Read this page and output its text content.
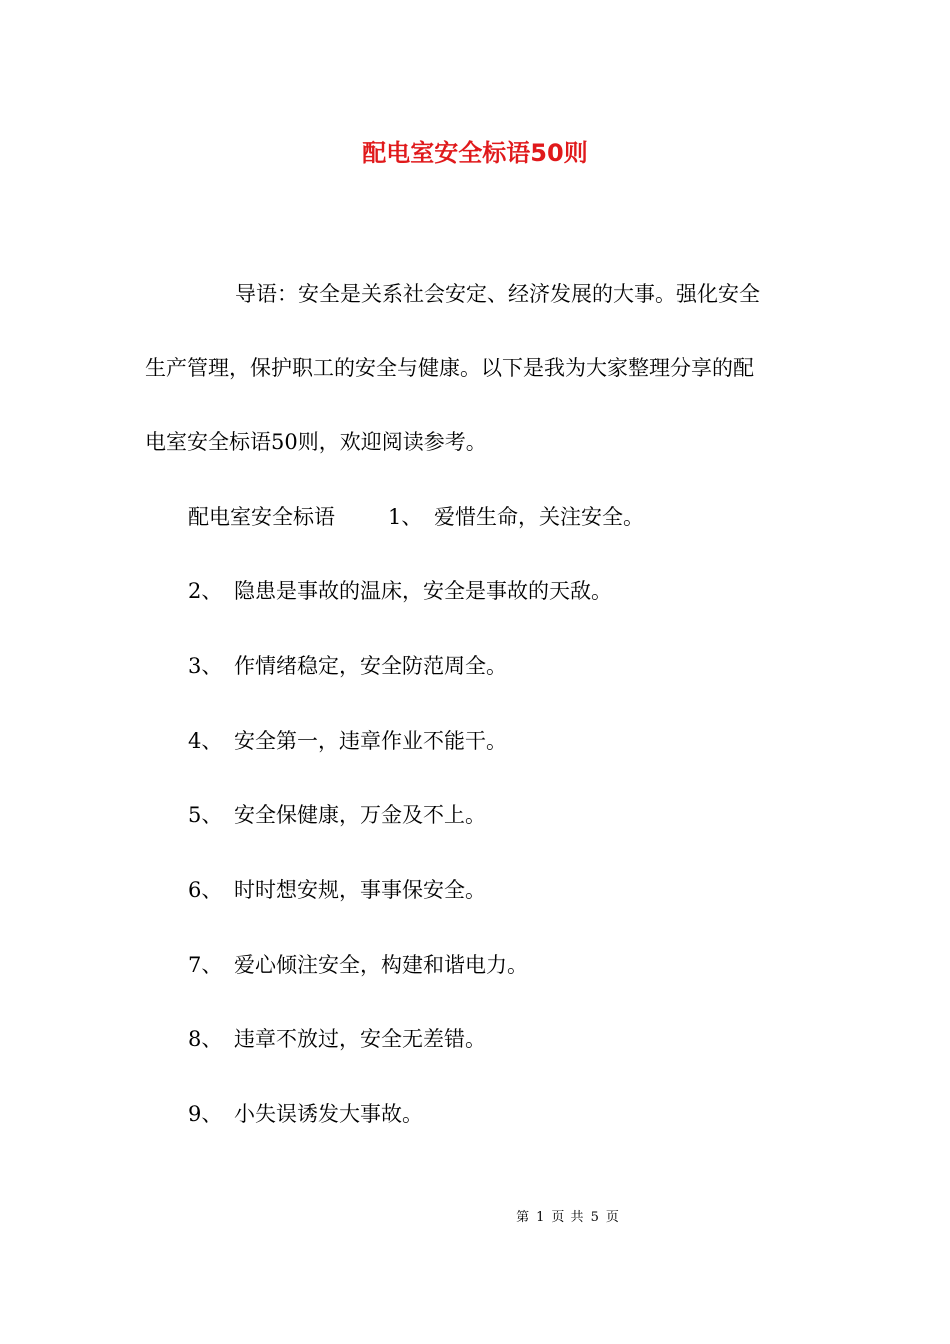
配电室安全标语50则
导语：安全是关系社会安定、经济发展的大事。强化安全
生产管理，保护职工的安全与健康。以下是我为大家整理分享的配
电室安全标语50则，欢迎阅读参考。
配电室安全标语	1、 爱惜生命，关注安全。
2、 隐患是事故的温床，安全是事故的天敌。
3、 作情绪稳定，安全防范周全。
4、 安全第一，违章作业不能干。
5、 安全保健康，万金及不上。
6、 时时想安规，事事保安全。
7、 爱心倾注安全，构建和谐电力。
8、 违章不放过，安全无差错。
9、 小失误诱发大事故。
第 1 页 共 5 页
